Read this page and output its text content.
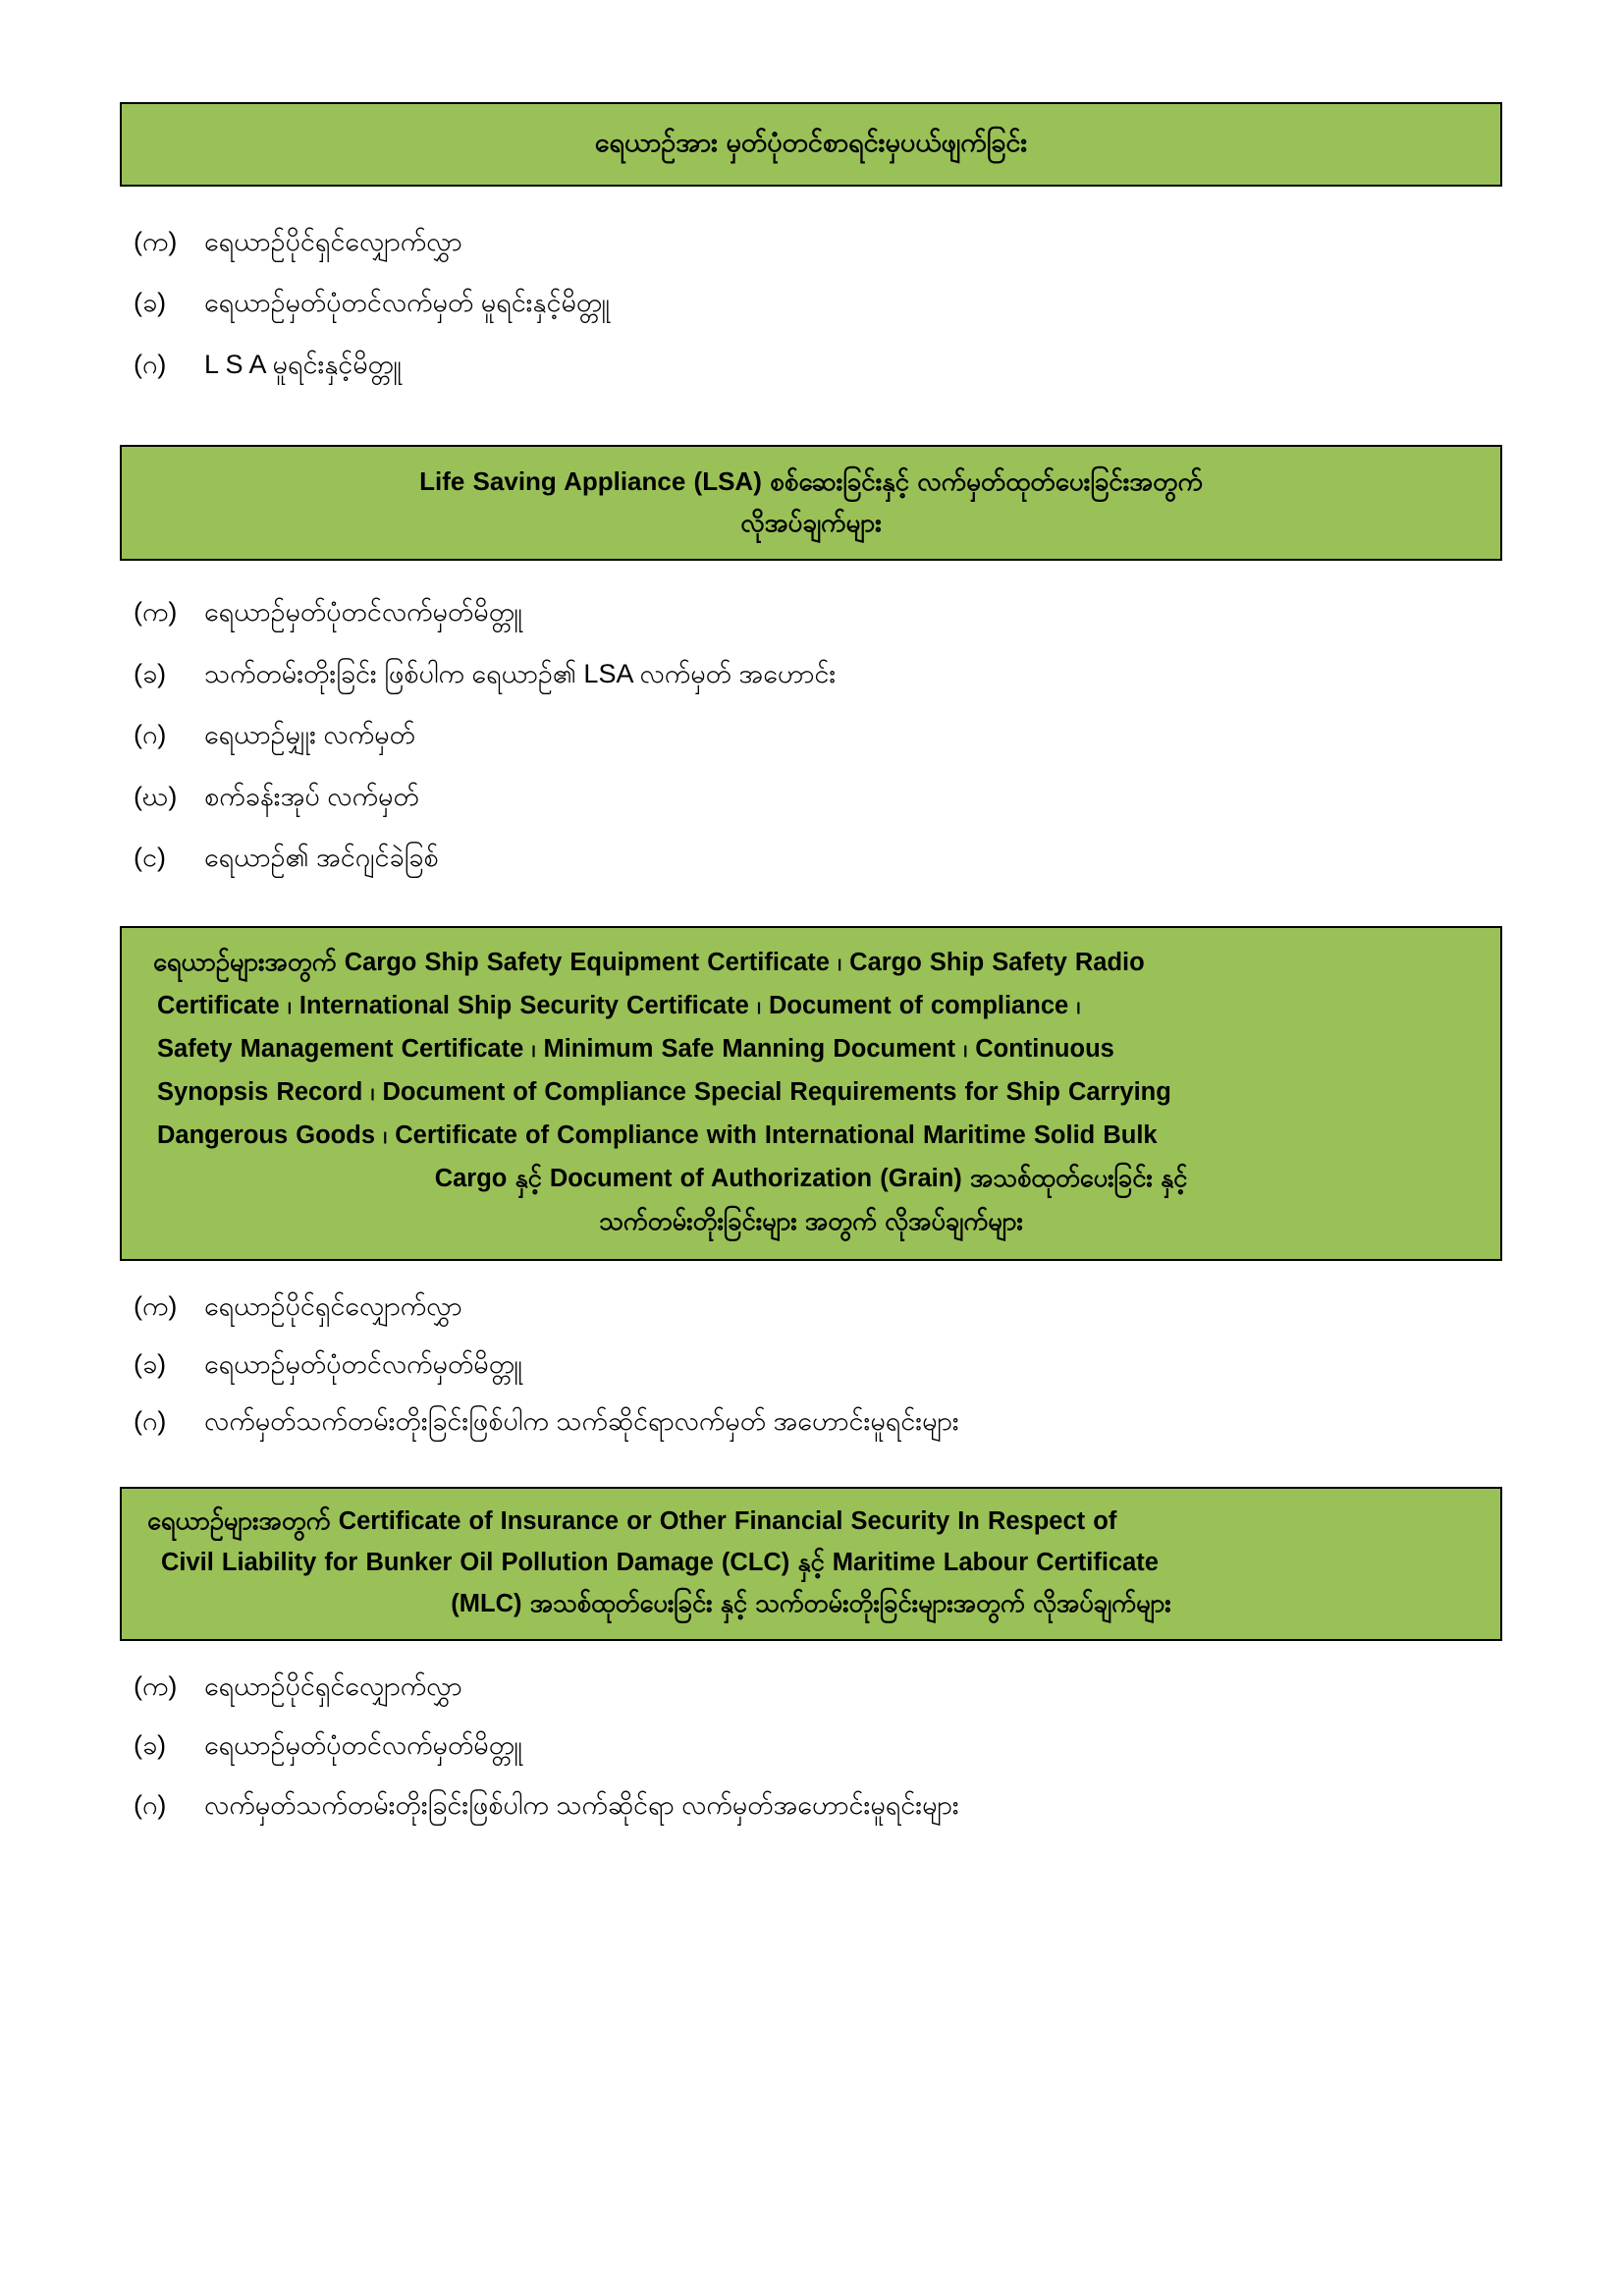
ရေယာဉ်အား မှတ်ပုံတင်စာရင်းမှပယ်ဖျက်ခြင်း
(က)	ရေယာဉ်ပိုင်ရှင်လျှောက်လွှာ
(ခ)	ရေယာဉ်မှတ်ပုံတင်လက်မှတ် မူရင်းနှင့်မိတ္တူ
(ဂ)	L S A မူရင်းနှင့်မိတ္တူ
Life Saving Appliance (LSA) စစ်ဆေးခြင်းနှင့် လက်မှတ်ထုတ်ပေးခြင်းအတွက်
လိုအပ်ချက်များ
(က)	ရေယာဉ်မှတ်ပုံတင်လက်မှတ်မိတ္တူ
(ခ)	သက်တမ်းတိုးခြင်း ဖြစ်ပါက ရေယာဉ်၏ LSA လက်မှတ် အဟောင်း
(ဂ)	ရေယာဉ်မျှုး လက်မှတ်
(ဃ)	စက်ခန်းအုပ် လက်မှတ်
(င)	ရေယာဉ်၏ အင်ဂျင်ခဲခြစ်
ရေယာဉ်များအတွက် Cargo Ship Safety Equipment Certificate ၊ Cargo Ship Safety Radio
Certificate ၊ International Ship Security Certificate ၊ Document of compliance ၊
Safety Management Certificate ၊ Minimum Safe Manning Document ၊ Continuous
Synopsis Record ၊ Document of Compliance Special Requirements for Ship Carrying
Dangerous Goods ၊ Certificate of Compliance with International Maritime Solid Bulk
Cargo နှင့် Document of Authorization (Grain) အသစ်ထုတ်ပေးခြင်း နှင့်
သက်တမ်းတိုးခြင်းများ အတွက် လိုအပ်ချက်များ
(က)	ရေယာဉ်ပိုင်ရှင်လျှောက်လွှာ
(ခ)	ရေယာဉ်မှတ်ပုံတင်လက်မှတ်မိတ္တူ
(ဂ)	လက်မှတ်သက်တမ်းတိုးခြင်းဖြစ်ပါက သက်ဆိုင်ရာလက်မှတ် အဟောင်းမူရင်းများ
ရေယာဉ်များအတွက် Certificate of Insurance or Other Financial Security In Respect of
Civil Liability for Bunker Oil Pollution Damage (CLC) နှင့် Maritime Labour Certificate
(MLC) အသစ်ထုတ်ပေးခြင်း နှင့် သက်တမ်းတိုးခြင်းများအတွက် လိုအပ်ချက်များ
(က)	ရေယာဉ်ပိုင်ရှင်လျှောက်လွှာ
(ခ)	ရေယာဉ်မှတ်ပုံတင်လက်မှတ်မိတ္တူ
(ဂ)	လက်မှတ်သက်တမ်းတိုးခြင်းဖြစ်ပါက သက်ဆိုင်ရာ လက်မှတ်အဟောင်းမူရင်းများ
